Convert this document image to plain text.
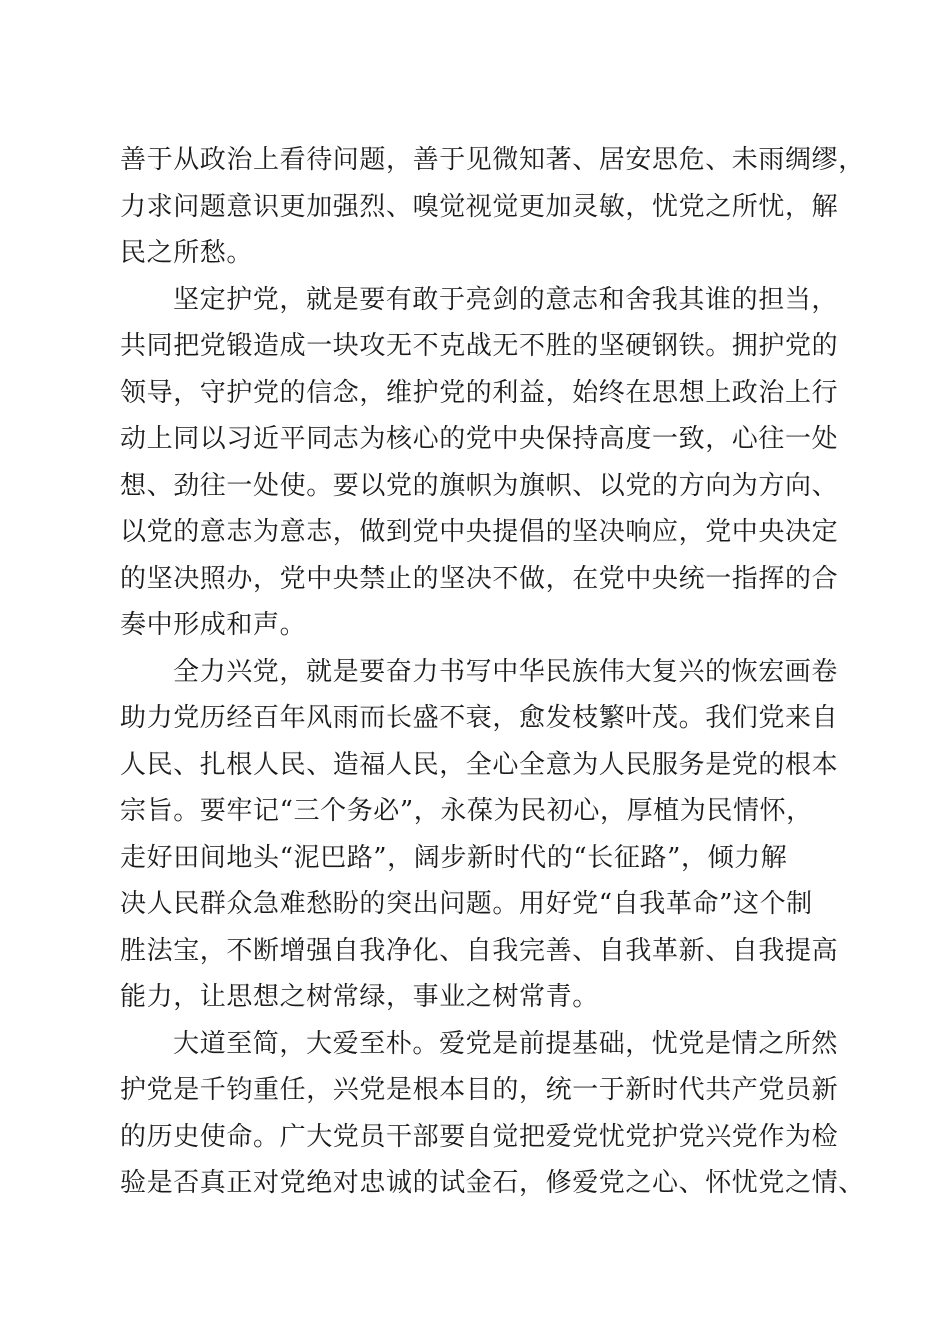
善于从政治上看待问题，善于见微知著、居安思危、未雨绸缪，
力求问题意识更加强烈、嗅觉视觉更加灵敏，忧党之所忧，解
民之所愁。
坚定护党，就是要有敢于亮剑的意志和舍我其谁的担当，
共同把党锻造成一块攻无不克战无不胜的坚硬钢铁。拥护党的
领导，守护党的信念，维护党的利益，始终在思想上政治上行
动上同以习近平同志为核心的党中央保持高度一致，心往一处
想、劲往一处使。要以党的旗帜为旗帜、以党的方向为方向、
以党的意志为意志，做到党中央提倡的坚决响应，党中央决定
的坚决照办，党中央禁止的坚决不做，在党中央统一指挥的合
奏中形成和声。
全力兴党，就是要奋力书写中华民族伟大复兴的恢宏画卷
助力党历经百年风雨而长盛不衰，愈发枝繁叶茂。我们党来自
人民、扎根人民、造福人民，全心全意为人民服务是党的根本
宗旨。要牢记“三个务必”，永葆为民初心，厚植为民情怀，
走好田间地头“泥巴路”，阔步新时代的“长征路”，倾力解
决人民群众急难愁盼的突出问题。用好党“自我革命”这个制
胜法宝，不断增强自我净化、自我完善、自我革新、自我提高
能力，让思想之树常绿，事业之树常青。
大道至简，大爱至朴。爱党是前提基础，忧党是情之所然
护党是千钧重任，兴党是根本目的，统一于新时代共产党员新
的历史使命。广大党员干部要自觉把爱党忧党护党兴党作为检
验是否真正对党绝对忠诚的试金石，修爱党之心、怀忧党之情、
